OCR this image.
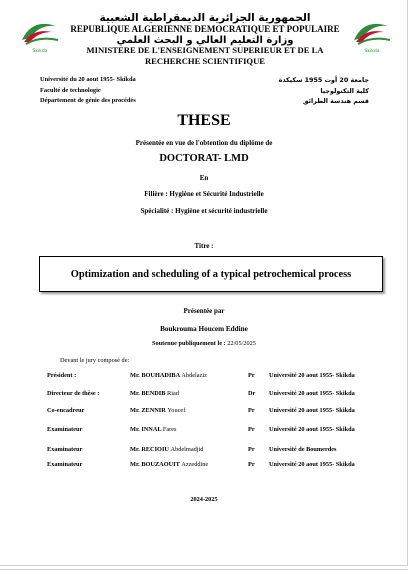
Skikda	Skikda
الجمهورية الجزائرية الديمقراطية الشعبية
REPUBLIQUE ALGERIENNE DEMOCRATIQUE ET POPULAIRE
وزارة التعليم العالي و البحث العلمي
MINISTERE DE L'ENSEIGNEMENT SUPERIEUR ET DE LA
RECHERCHE SCIENTIFIQUE
Université du 20 aout 1955- Skikda
Faculté de technologie
Département de génie des procédés
جامعة 20 أوت 1955 سكيكدة
كلية التكنولوجيا
قسم هندسة الطرائق
THESE
Présentée en vue de l'obtention du diplôme de
DOCTORAT- LMD
En
Filière : Hygiène et Sécurité Industrielle
Spécialité : Hygiène et sécurité industrielle
Titre :
Optimization and scheduling of a typical petrochemical process
Présentée par
Boukrouma Houcem Eddine
Soutenue publiquement le : 22/05/2025
Devant le jury composé de:
Président :	Mr. BOUHADIBA Abdelaziz	Pr Université 20 aout 1955- Skikda
Directeur de thèse :	Mr. BENDIB Riad	Dr Université 20 aout 1955- Skikda
Co-encadreur	Mr. ZENNIR Youcef	Pr Université 20 aout 1955- Skikda
Examinateur	Mr. INNAL Fares	Pr Université 20 aout 1955- Skikda
Examinateur	Mr. RECIOIU Abdelmadjid	Pr Université de Boumerdes
Examinateur	Mr. BOUZAOUIT Azzeddine	Pr Université 20 aout 1955- Skikda
2024-2025
